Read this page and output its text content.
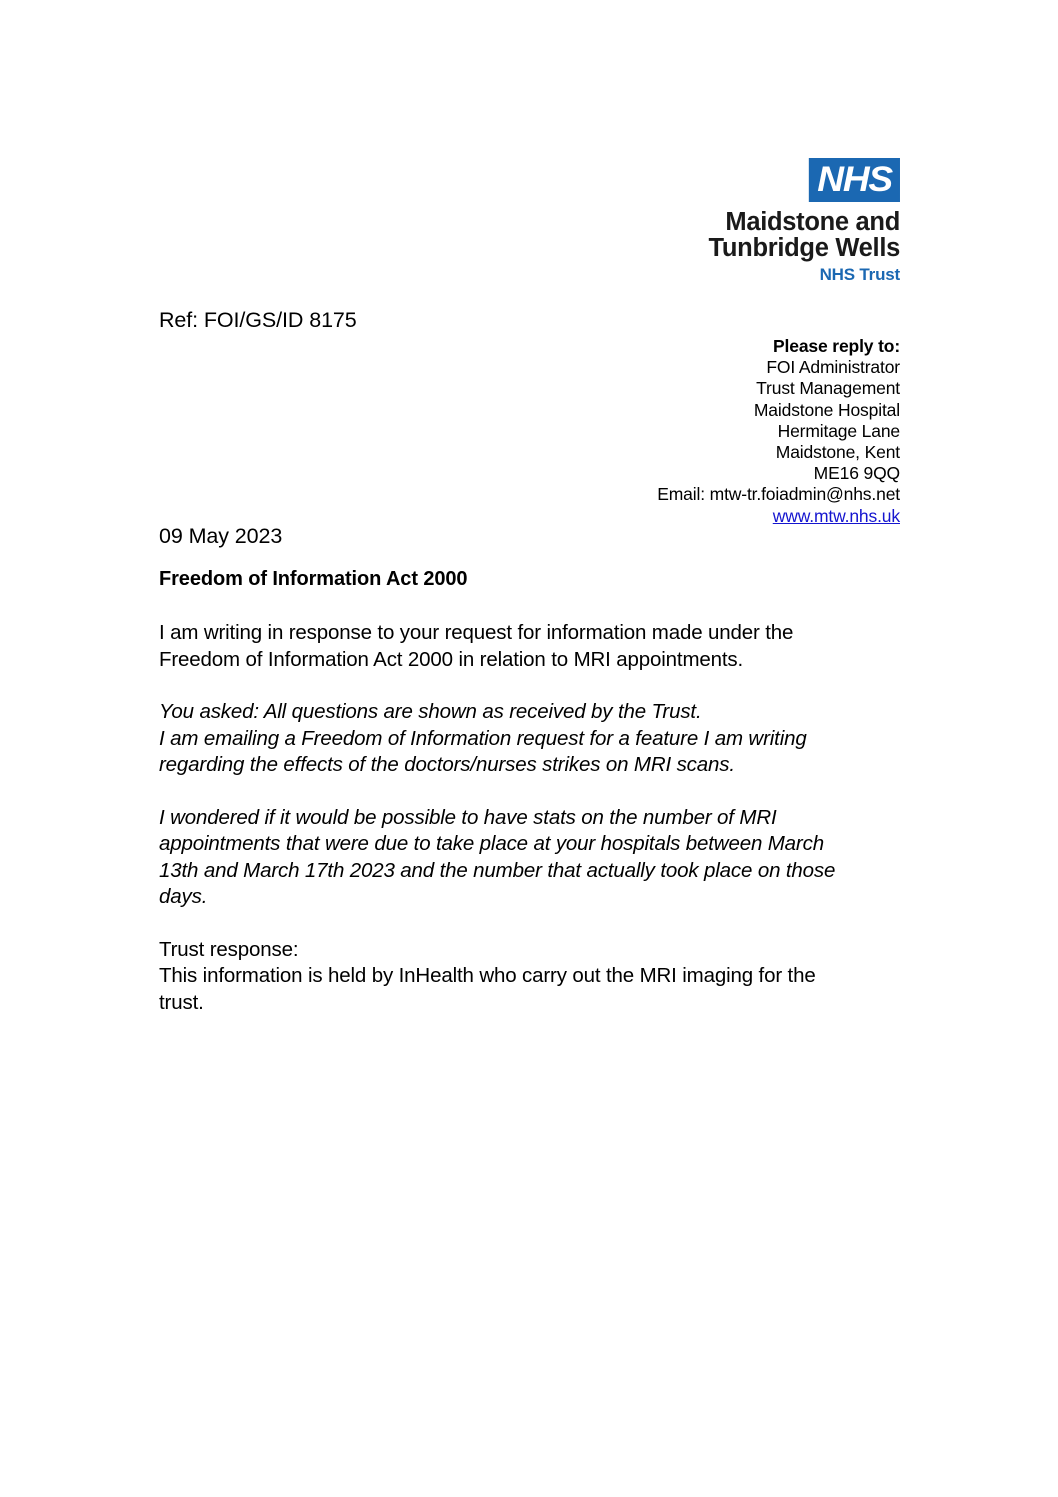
NHS
Maidstone and
Tunbridge Wells
NHS Trust
Ref: FOI/GS/ID 8175
Please reply to:
FOI Administrator
Trust Management
Maidstone Hospital
Hermitage Lane
Maidstone, Kent
ME16 9QQ
Email: mtw-tr.foiadmin@nhs.net
www.mtw.nhs.uk
09 May 2023
Freedom of Information Act 2000

I am writing in response to your request for information made under the
Freedom of Information Act 2000 in relation to MRI appointments.

You asked: All questions are shown as received by the Trust.
I am emailing a Freedom of Information request for a feature I am writing
regarding the effects of the doctors/nurses strikes on MRI scans.

I wondered if it would be possible to have stats on the number of MRI
appointments that were due to take place at your hospitals between March
13th and March 17th 2023 and the number that actually took place on those
days.

Trust response:
This information is held by InHealth who carry out the MRI imaging for the
trust.
